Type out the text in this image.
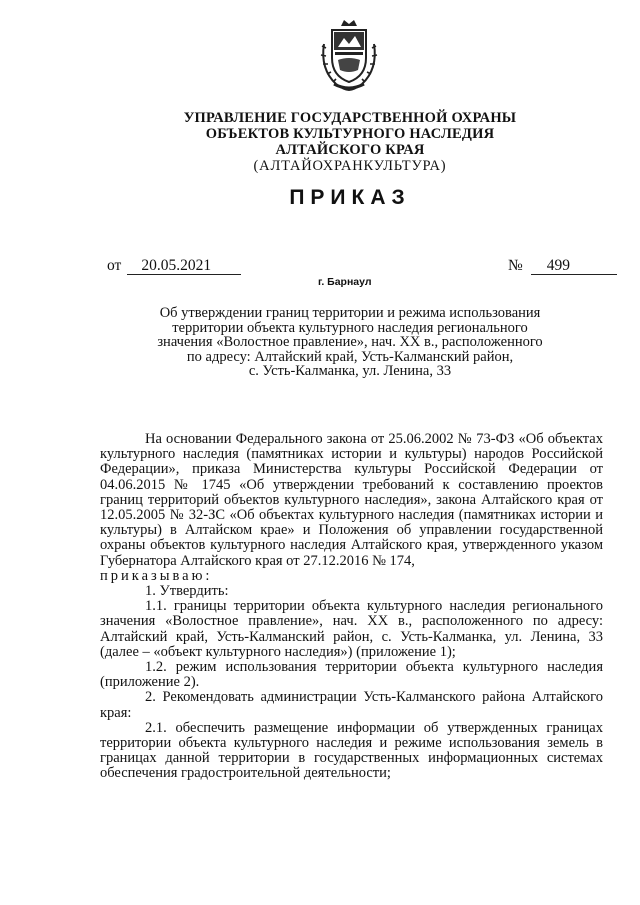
УПРАВЛЕНИЕ ГОСУДАРСТВЕННОЙ ОХРАНЫ
ОБЪЕКТОВ КУЛЬТУРНОГО НАСЛЕДИЯ
АЛТАЙСКОГО КРАЯ
(АЛТАЙОХРАНКУЛЬТУРА)
ПРИКАЗ
от 20.05.2021	№ 499
г. Барнаул
Об утверждении границ территории и режима использования
территории объекта культурного наследия регионального
значения «Волостное правление», нач. XX в., расположенного
по адресу: Алтайский край, Усть-Калманский район,
с. Усть-Калманка, ул. Ленина, 33

На основании Федерального закона от 25.06.2002 № 73-ФЗ «Об объектах культурного наследия (памятниках истории и культуры) народов Российской Федерации», приказа Министерства культуры Российской Федерации от 04.06.2015 № 1745 «Об утверждении требований к составлению проектов границ территорий объектов культурного наследия», закона Алтайского края от 12.05.2005 № 32-ЗС «Об объектах культурного наследия (памятниках истории и культуры) в Алтайском крае» и Положения об управлении государственной охраны объектов культурного наследия Алтайского края, утвержденного указом Губернатора Алтайского края от 27.12.2016 № 174,

приказываю:

1. Утвердить:

1.1. границы территории объекта культурного наследия регионального значения «Волостное правление», нач. XX в., расположенного по адресу: Алтайский край, Усть-Калманский район, с. Усть-Калманка, ул. Ленина, 33 (далее – «объект культурного наследия») (приложение 1);

1.2. режим использования территории объекта культурного наследия (приложение 2).

2. Рекомендовать администрации Усть-Калманского района Алтайского края:

2.1. обеспечить размещение информации об утвержденных границах территории объекта культурного наследия и режиме использования земель в границах данной территории в государственных информационных системах обеспечения градостроительной деятельности;
